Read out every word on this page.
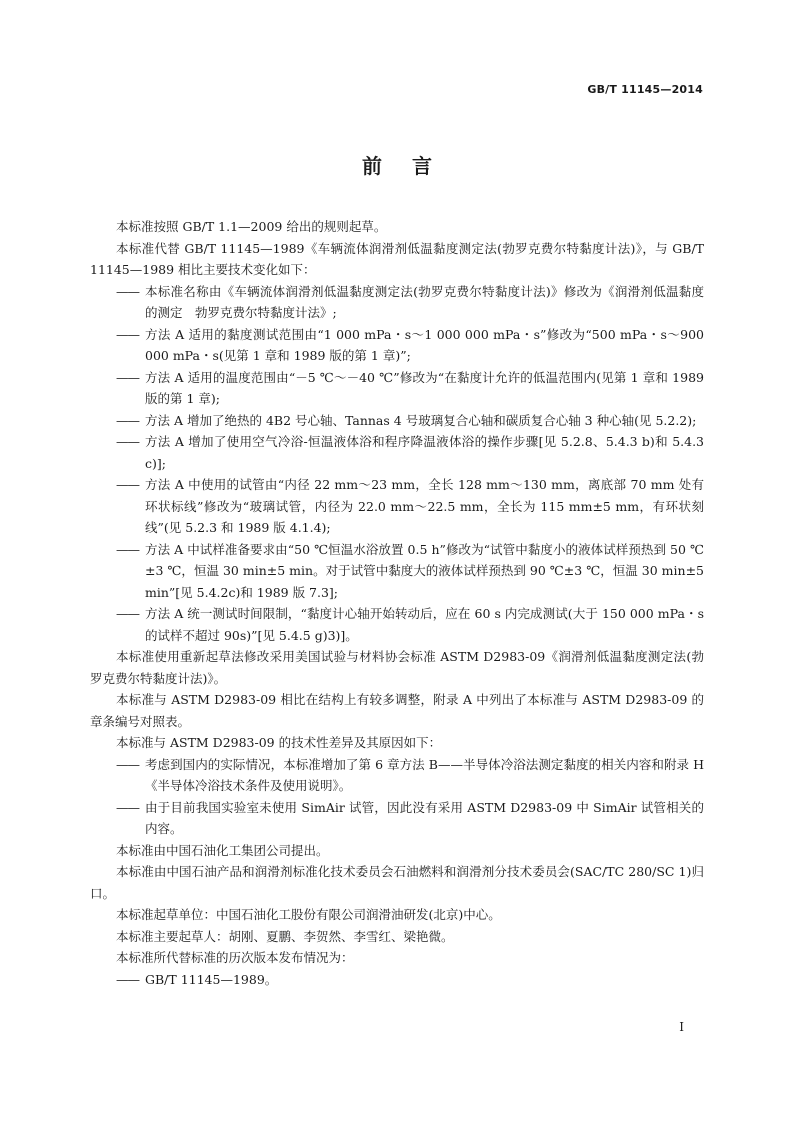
GB/T 11145—2014
前言

本标准按照 GB/T 1.1—2009 给出的规则起草。

本标准代替 GB/T 11145—1989《车辆流体润滑剂低温黏度测定法(勃罗克费尔特黏度计法)》，与 GB/T 11145—1989 相比主要技术变化如下：

—— 本标准名称由《车辆流体润滑剂低温黏度测定法(勃罗克费尔特黏度计法)》修改为《润滑剂低温黏度的测定　勃罗克费尔特黏度计法》;

—— 方法 A 适用的黏度测试范围由“1 000 mPa・s～1 000 000 mPa・s”修改为“500 mPa・s～900 000 mPa・s(见第 1 章和 1989 版的第 1 章)”;

—— 方法 A 适用的温度范围由“－5 ℃～－40 ℃”修改为“在黏度计允许的低温范围内(见第 1 章和 1989 版的第 1 章);

—— 方法 A 增加了绝热的 4B2 号心轴、Tannas 4 号玻璃复合心轴和碳质复合心轴 3 种心轴(见 5.2.2);

—— 方法 A 增加了使用空气冷浴-恒温液体浴和程序降温液体浴的操作步骤[见 5.2.8、5.4.3 b)和 5.4.3 c)];

—— 方法 A 中使用的试管由“内径 22 mm～23 mm，全长 128 mm～130 mm，离底部 70 mm 处有环状标线”修改为“玻璃试管，内径为 22.0 mm～22.5 mm，全长为 115 mm±5 mm，有环状刻线”(见 5.2.3 和 1989 版 4.1.4);

—— 方法 A 中试样准备要求由“50 ℃恒温水浴放置 0.5 h”修改为“试管中黏度小的液体试样预热到 50 ℃±3 ℃，恒温 30 min±5 min。对于试管中黏度大的液体试样预热到 90 ℃±3 ℃，恒温 30 min±5 min”[见 5.4.2c)和 1989 版 7.3];

—— 方法 A 统一测试时间限制，“黏度计心轴开始转动后，应在 60 s 内完成测试(大于 150 000 mPa・s的试样不超过 90s)”[见 5.4.5 g)3)]。

本标准使用重新起草法修改采用美国试验与材料协会标准 ASTM D2983-09《润滑剂低温黏度测定法(勃罗克费尔特黏度计法)》。

本标准与 ASTM D2983-09 相比在结构上有较多调整，附录 A 中列出了本标准与 ASTM D2983-09 的章条编号对照表。

本标准与 ASTM D2983-09 的技术性差异及其原因如下：

—— 考虑到国内的实际情况，本标准增加了第 6 章方法 B——半导体冷浴法测定黏度的相关内容和附录 H《半导体冷浴技术条件及使用说明》。

—— 由于目前我国实验室未使用 SimAir 试管，因此没有采用 ASTM D2983-09 中 SimAir 试管相关的内容。

本标准由中国石油化工集团公司提出。

本标准由中国石油产品和润滑剂标准化技术委员会石油燃料和润滑剂分技术委员会(SAC/TC 280/SC 1)归口。

本标准起草单位：中国石油化工股份有限公司润滑油研发(北京)中心。

本标准主要起草人：胡刚、夏鹏、李贺然、李雪红、梁艳微。

本标准所代替标准的历次版本发布情况为：

—— GB/T 11145—1989。

I
